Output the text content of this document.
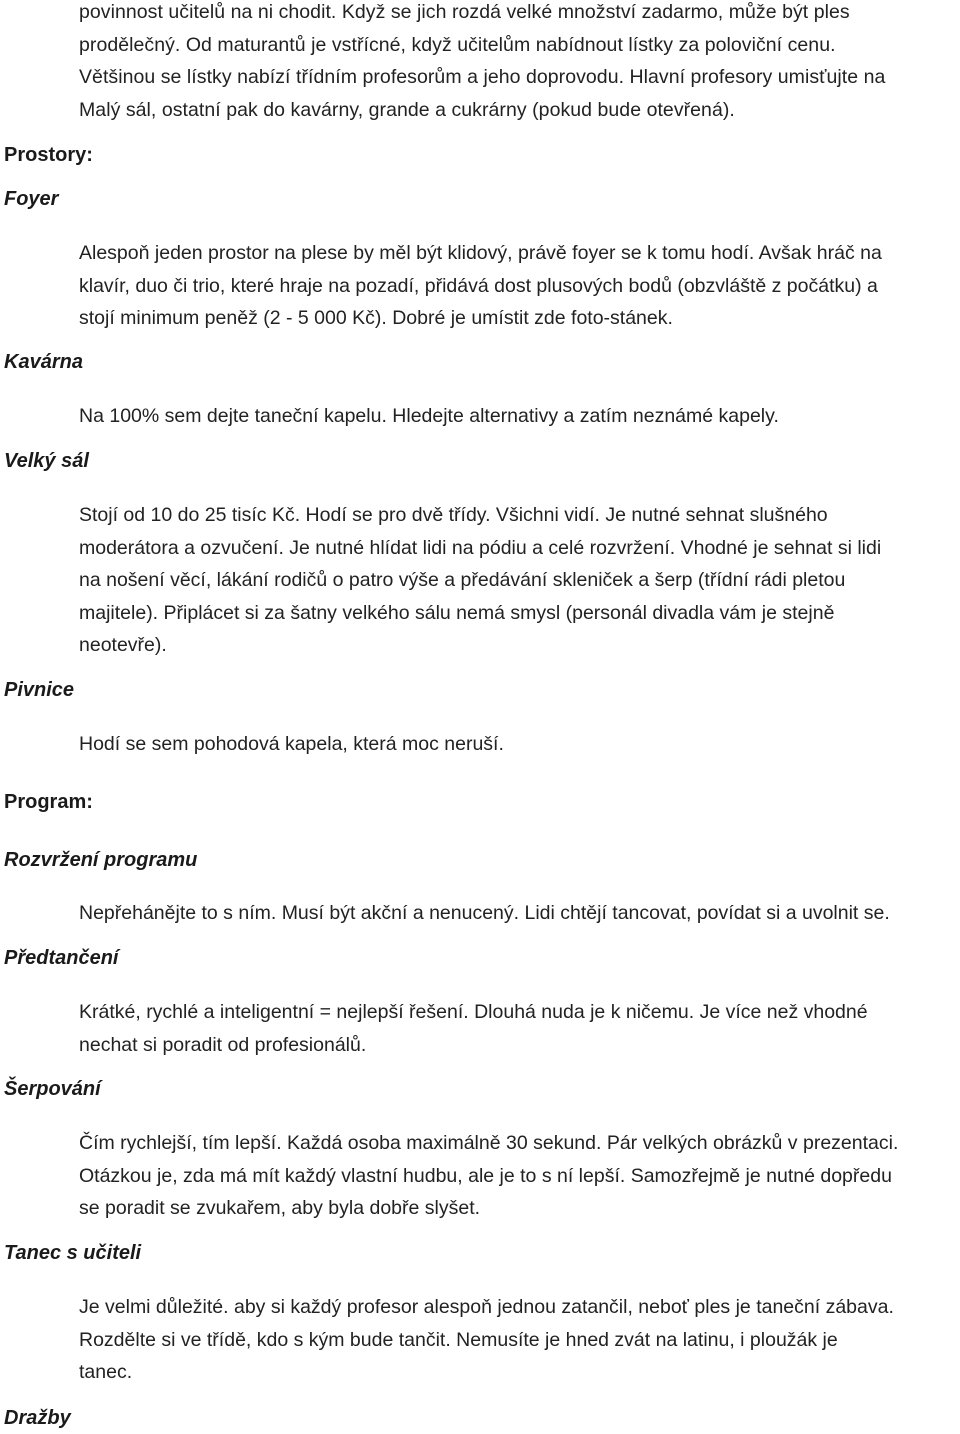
povinnost učitelů na ni chodit. Když se jich rozdá velké množství zadarmo, může být ples
prodělečný. Od maturantů je vstřícné, když učitelům nabídnout lístky za poloviční cenu.
Většinou se lístky nabízí třídním profesorům a jeho doprovodu. Hlavní profesory umisťujte na
Malý sál, ostatní pak do kavárny, grande a cukrárny (pokud bude otevřená).

Prostory:
Foyer

Alespoň jeden prostor na plese by měl být klidový, právě foyer se k tomu hodí. Avšak hráč na
klavír, duo či trio, které hraje na pozadí, přidává dost plusových bodů (obzvláště z počátku) a
stojí minimum peněž (2 - 5 000 Kč). Dobré je umístit zde foto-stánek.

Kavárna

Na 100% sem dejte taneční kapelu. Hledejte alternativy a zatím neznámé kapely.

Velký sál

Stojí od 10 do 25 tisíc Kč. Hodí se pro dvě třídy. Všichni vidí. Je nutné sehnat slušného
moderátora a ozvučení. Je nutné hlídat lidi na pódiu a celé rozvržení. Vhodné je sehnat si lidi
na nošení věcí, lákání rodičů o patro výše a předávání skleniček a šerp (třídní rádi pletou
majitele). Připlácet si za šatny velkého sálu nemá smysl (personál divadla vám je stejně
neotevře).

Pivnice

Hodí se sem pohodová kapela, která moc neruší.

Program:
Rozvržení programu

Nepřeháněјte to s ním. Musí být akční a nenucený. Lidi chtějí tancovat, povídat si a uvolnit se.

Předtančení

Krátké, rychlé a inteligentní = nejlepší řešení. Dlouhá nuda je k ničemu. Je více než vhodné
nechat si poradit od profesionálů.

Šerpování

Čím rychlejší, tím lepší. Každá osoba maximálně 30 sekund. Pár velkých obrázků v prezentaci.
Otázkou je, zda má mít každý vlastní hudbu, ale je to s ní lepší. Samozřejmě je nutné dopředu
se poradit se zvukařem, aby byla dobře slyšet.

Tanec s učiteli

Je velmi důležité. aby si každý profesor alespoň jednou zatančil, neboť ples je taneční zábava.
Rozdělte si ve třídě, kdo s kým bude tančit. Nemusíte je hned zvát na latinu, i ploužák je
tanec.

Dražby
